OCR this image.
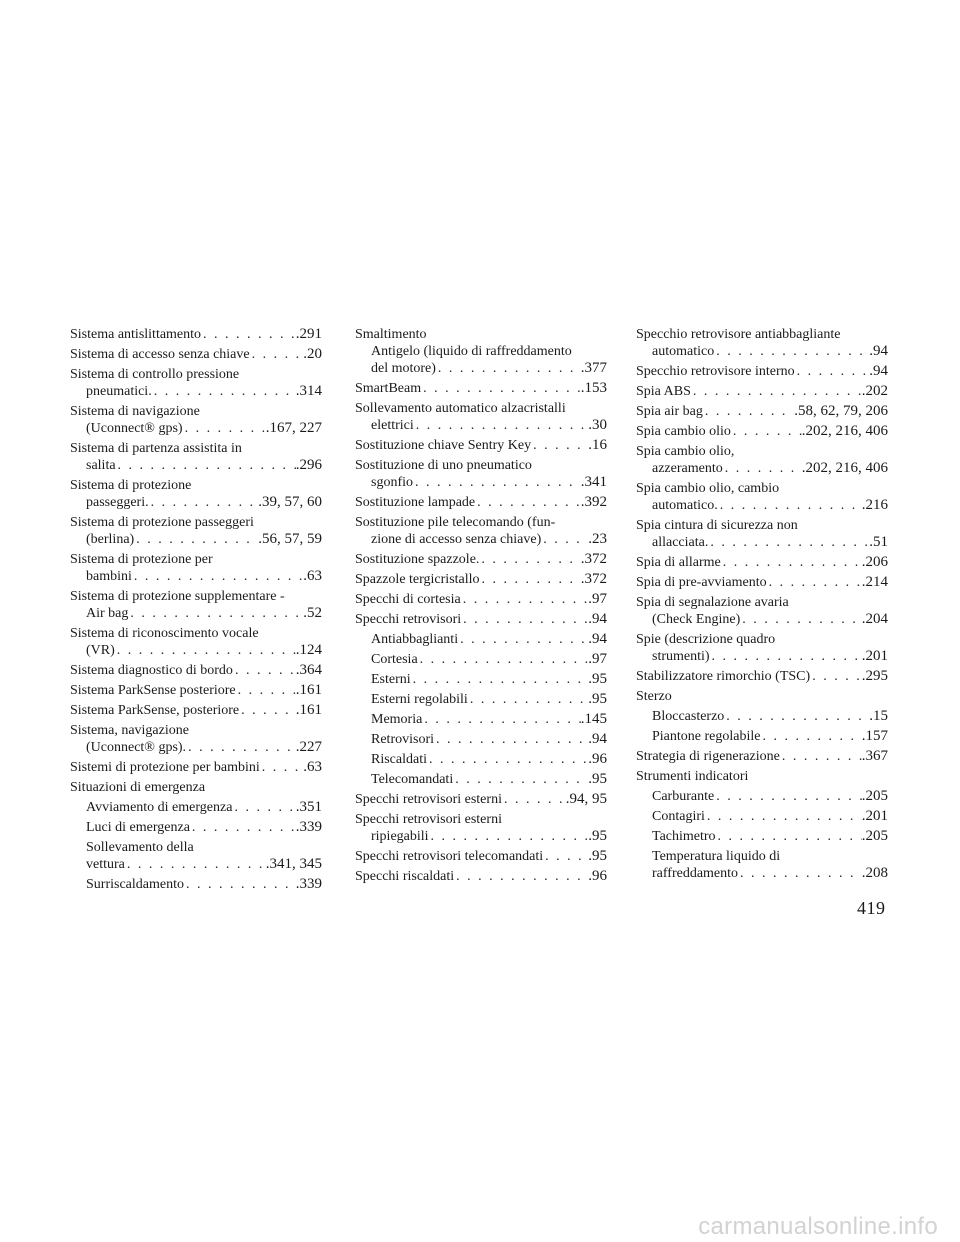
Sistema antislittamento . . .	.291
Sistema di accesso senza chiave . . .	.20
Sistema di controllo pressione
pneumatici. . . .	.314
Sistema di navigazione
(Uconnect® gps) . . .	.167, 227
Sistema di partenza assistita in
salita . . .	.296
Sistema di protezione
passeggeri. . . .	.39, 57, 60
Sistema di protezione passeggeri
(berlina) . . .	.56, 57, 59
Sistema di protezione per
bambini . . .	.63
Sistema di protezione supplementare -
Air bag . . .	.52
Sistema di riconoscimento vocale
(VR) . . .	.124
Sistema diagnostico di bordo . . .	.364
Sistema ParkSense posteriore . . .	.161
Sistema ParkSense, posteriore . . .	.161
Sistema, navigazione
(Uconnect® gps). . . .	.227
Sistemi di protezione per bambini . . .	.63
Situazioni di emergenza
Avviamento di emergenza . . .	.351
Luci di emergenza . . .	.339
Sollevamento della
vettura . . .	.341, 345
Surriscaldamento . . .	.339
Smaltimento
Antigelo (liquido di raffreddamento
del motore) . . .	.377
SmartBeam . . .	.153
Sollevamento automatico alzacristalli
elettrici . . .	.30
Sostituzione chiave Sentry Key . . .	.16
Sostituzione di uno pneumatico
sgonfio . . .	.341
Sostituzione lampade . . .	.392
Sostituzione pile telecomando (fun-
zione di accesso senza chiave) . . .	.23
Sostituzione spazzole. . . .	.372
Spazzole tergicristallo . . .	.372
Specchi di cortesia . . .	.97
Specchi retrovisori . . .	.94
Antiabbaglianti . . .	.94
Cortesia . . .	.97
Esterni . . .	.95
Esterni regolabili . . .	.95
Memoria . . .	.145
Retrovisori . . .	.94
Riscaldati . . .	.96
Telecomandati . . .	.95
Specchi retrovisori esterni . . .	.94, 95
Specchi retrovisori esterni
ripiegabili . . .	.95
Specchi retrovisori telecomandati . . .	.95
Specchi riscaldati . . .	.96
Specchio retrovisore antiabbagliante
automatico . . .	.94
Specchio retrovisore interno . . .	.94
Spia ABS . . .	.202
Spia air bag . . .	.58, 62, 79, 206
Spia cambio olio . . .	.202, 216, 406
Spia cambio olio,
azzeramento . . .	.202, 216, 406
Spia cambio olio, cambio
automatico. . . .	.216
Spia cintura di sicurezza non
allacciata. . . .	.51
Spia di allarme . . .	.206
Spia di pre-avviamento . . .	.214
Spia di segnalazione avaria
(Check Engine) . . .	.204
Spie (descrizione quadro
strumenti) . . .	.201
Stabilizzatore rimorchio (TSC) . . .	.295
Sterzo
Bloccasterzo . . .	.15
Piantone regolabile . . .	.157
Strategia di rigenerazione . . .	.367
Strumenti indicatori
Carburante . . .	.205
Contagiri . . .	.201
Tachimetro . . .	.205
Temperatura liquido di
raffreddamento . . .	.208
419
carmanualsonline.info
